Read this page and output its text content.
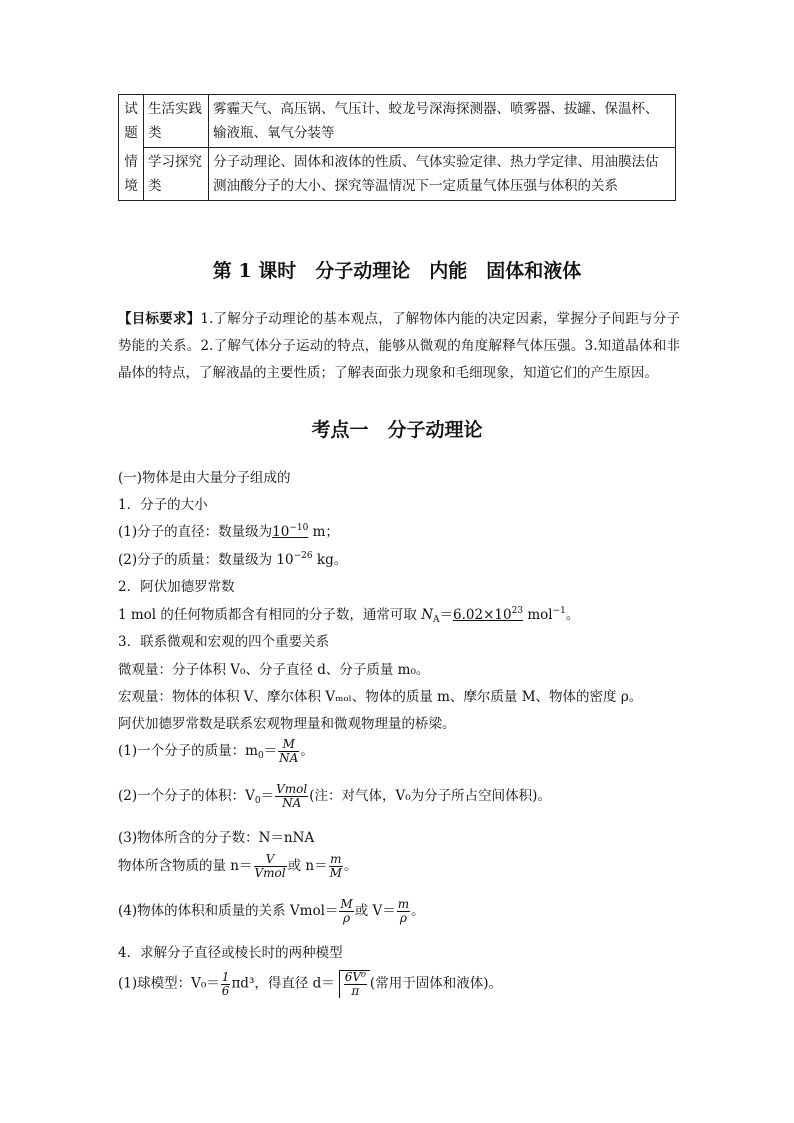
试题	生活实践类	雾霾天气、高压锅、气压计、蛟龙号深海探测器、喷雾器、拔罐、保温杯、输液瓶、氧气分装等
情境	学习探究类	分子动理论、固体和液体的性质、气体实验定律、热力学定律、用油膜法估测油酸分子的大小、探究等温情况下一定质量气体压强与体积的关系
第 1 课时　分子动理论　内能　固体和液体
【目标要求】1.了解分子动理论的基本观点，了解物体内能的决定因素，掌握分子间距与分子势能的关系。2.了解气体分子运动的特点，能够从微观的角度解释气体压强。3.知道晶体和非晶体的特点，了解液晶的主要性质；了解表面张力现象和毛细现象，知道它们的产生原因。
考点一　分子动理论
(一)物体是由大量分子组成的
1．分子的大小
(1)分子的直径：数量级为$10^{-10}$ m；
(2)分子的质量：数量级为 $10^{-26}$ kg。
2．阿伏加德罗常数
1 mol 的任何物质都含有相同的分子数，通常可取 $N_A=6.02\times 10^{23}$ mol$^{-1}$。
3．联系微观和宏观的四个重要关系
微观量：分子体积 V₀、分子直径 d、分子质量 m₀。
宏观量：物体的体积 V、摩尔体积 Vₘₒₗ、物体的质量 m、摩尔质量 M、物体的密度 ρ。
阿伏加德罗常数是联系宏观物理量和微观物理量的桥梁。
(1)一个分子的质量：$m_0= \frac{M}{NA}$ 。
(2)一个分子的体积：$V_0= \frac{\text{Vmol}}{NA}$ (注：对气体，V₀为分子所占空间体积)。
(3)物体所含的分子数：N＝nNA
物体所含物质的量 $n= \frac{V}{\text{Vmol}}$ 或 $n= \frac{m}{M}$ 。
(4)物体的体积和质量的关系 Vmol＝ $\frac{M}{\rho}$ 或 $V= \frac{m}{\rho}$ 。
4．求解分子直径或棱长时的两种模型
(1)球模型：$V_0= \frac{1}{6} \pi d^3$，得直径 $d= \frac{\text{6V⁰}}{\pi}$ (常用于固体和液体)。
